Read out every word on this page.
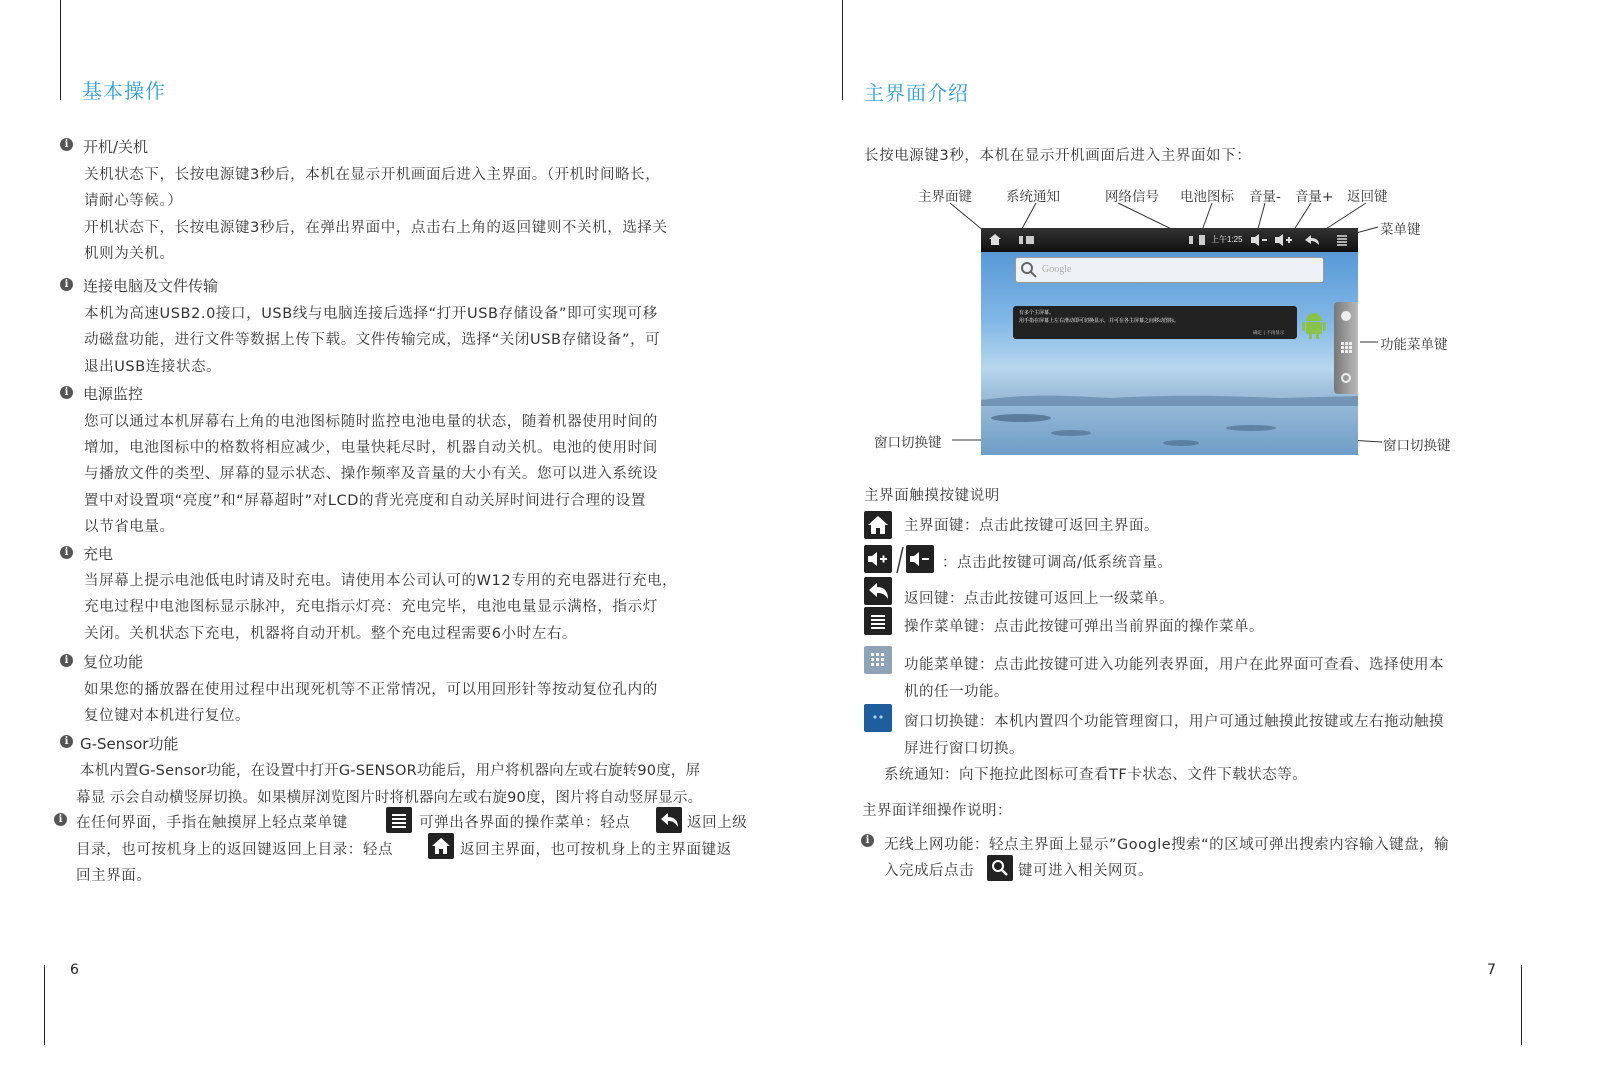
基本操作
i 开机/关机
关机状态下，长按电源键3秒后，本机在显示开机画面后进入主界面。（开机时间略长，
请耐心等候。）
开机状态下，长按电源键3秒后，在弹出界面中，点击右上角的返回键则不关机，选择关
机则为关机。
i 连接电脑及文件传输
本机为高速USB2.0接口，USB线与电脑连接后选择“打开USB存储设备”即可实现可移
动磁盘功能，进行文件等数据上传下载。文件传输完成，选择“关闭USB存储设备”，可
退出USB连接状态。
i 电源监控
您可以通过本机屏幕右上角的电池图标随时监控电池电量的状态，随着机器使用时间的
增加，电池图标中的格数将相应减少，电量快耗尽时，机器自动关机。电池的使用时间
与播放文件的类型、屏幕的显示状态、操作频率及音量的大小有关。您可以进入系统设
置中对设置项“亮度”和“屏幕超时”对LCD的背光亮度和自动关屏时间进行合理的设置
以节省电量。
i 充电
当屏幕上提示电池低电时请及时充电。请使用本公司认可的W12专用的充电器进行充电，
充电过程中电池图标显示脉冲，充电指示灯亮：充电完毕，电池电量显示满格，指示灯
关闭。关机状态下充电，机器将自动开机。整个充电过程需要6小时左右。
i 复位功能
如果您的播放器在使用过程中出现死机等不正常情况，可以用回形针等按动复位孔内的
复位键对本机进行复位。
i G-Sensor功能
本机内置G-Sensor功能，在设置中打开G-SENSOR功能后，用户将机器向左或右旋转90度，屏
幕显 示会自动横竖屏切换。如果横屏浏览图片时将机器向左或右旋90度，图片将自动竖屏显示。
i 在任何界面，手指在触摸屏上轻点菜单键	可弹出各界面的操作菜单：轻点	返回上级
目录，也可按机身上的返回键返回上目录：轻点	返回主界面，也可按机身上的主界面键返
回主界面。
6
主界面介绍
长按电源键3秒，本机在显示开机画面后进入主界面如下：
主界面键	系统通知	网络信号 电池图标 音量- 音量+ 返回键
菜单键
功能菜单键
窗口切换键	窗口切换键
上午1:25
Google
有多个主屏幕。
用手指在屏幕上左右滑动即可切换显示，并可在各主屏幕之间移动图标。
确定 | 不再显示
主界面触摸按键说明
主界面键：点击此按键可返回主界面。
：点击此按键可调高/低系统音量。
返回键：点击此按键可返回上一级菜单。
操作菜单键：点击此按键可弹出当前界面的操作菜单。
功能菜单键：点击此按键可进入功能列表界面，用户在此界面可查看、选择使用本
机的任一功能。
窗口切换键：本机内置四个功能管理窗口，用户可通过触摸此按键或左右拖动触摸
屏进行窗口切换。
系统通知：向下拖拉此图标可查看TF卡状态、文件下载状态等。
主界面详细操作说明：
i	无线上网功能：轻点主界面上显示”Google搜索“的区域可弹出搜索内容输入键盘，输
入完成后点击	键可进入相关网页。
7
